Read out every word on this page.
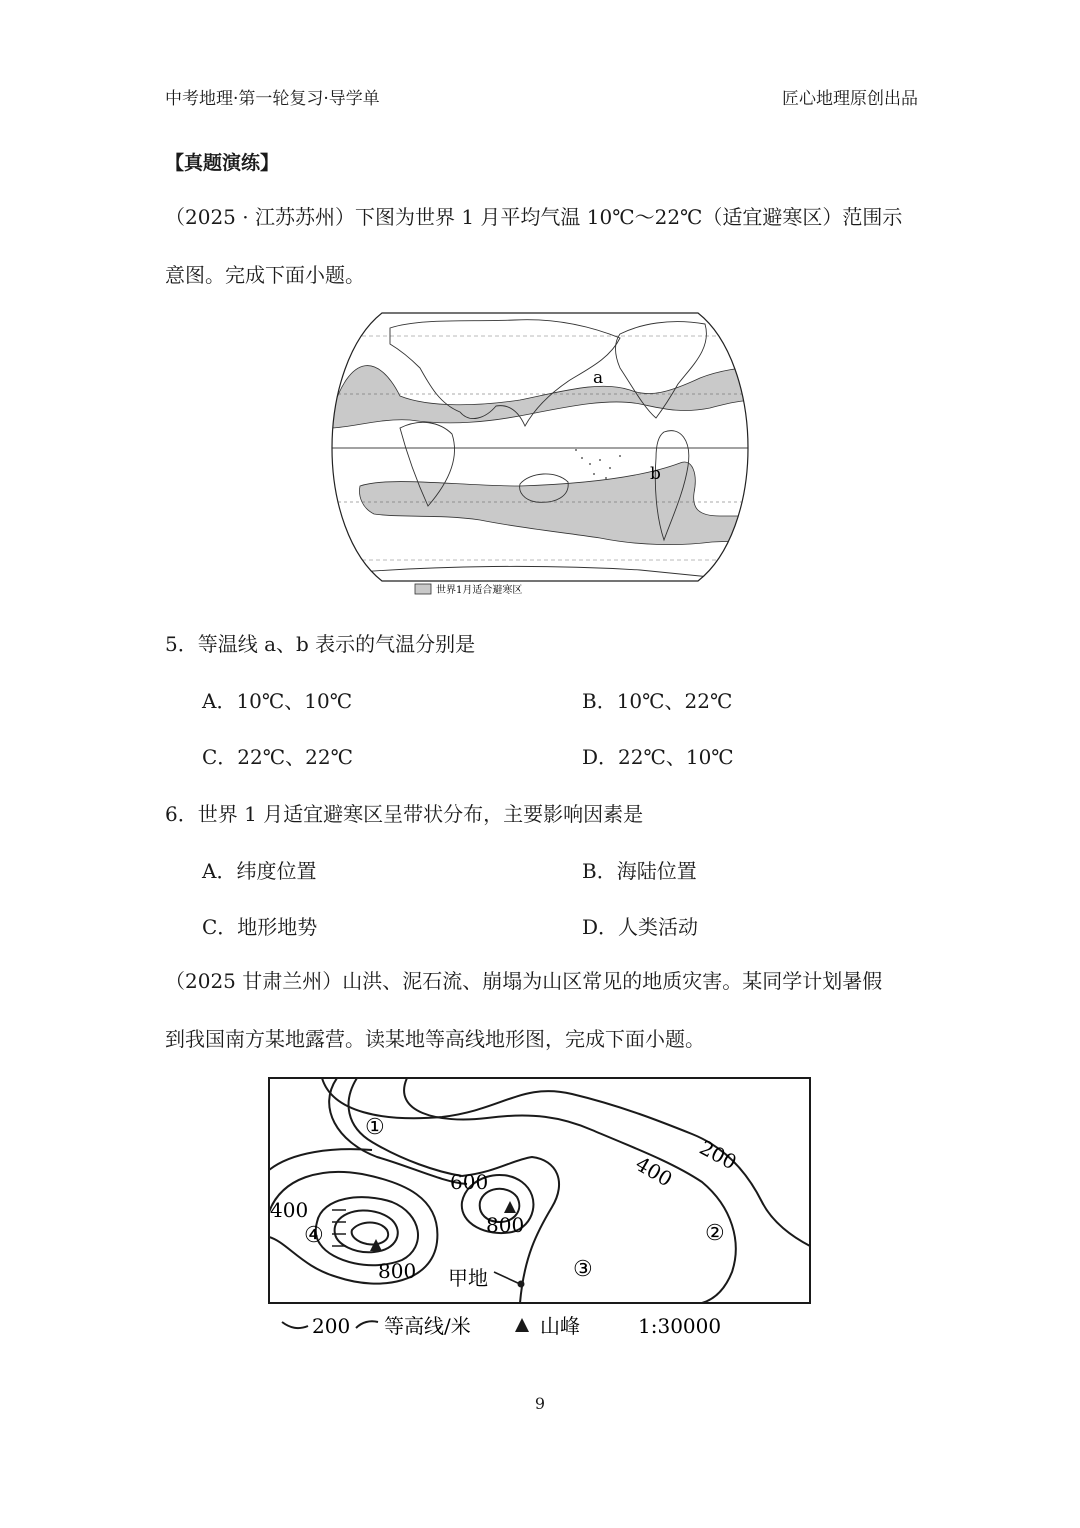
中考地理·第一轮复习·导学单	匠心地理原创出品
【真题演练】
（2025 · 江苏苏州）下图为世界 1 月平均气温 10℃～22℃（适宜避寒区）范围示
意图。完成下面小题。
a
b
世界1月适合避寒区
5．等温线 a、b 表示的气温分别是
A．10℃、10℃	B．10℃、22℃
C．22℃、22℃	D．22℃、10℃
6．世界 1 月适宜避寒区呈带状分布，主要影响因素是
A．纬度位置	B．海陆位置
C．地形地势	D．人类活动
（2025 甘肃兰州）山洪、泥石流、崩塌为山区常见的地质灾害。某同学计划暑假
到我国南方某地露营。读某地等高线地形图，完成下面小题。
200
400
600
400
800
800
①
②
③
④
甲地
200 等高线/米	山峰	1:30000
9
